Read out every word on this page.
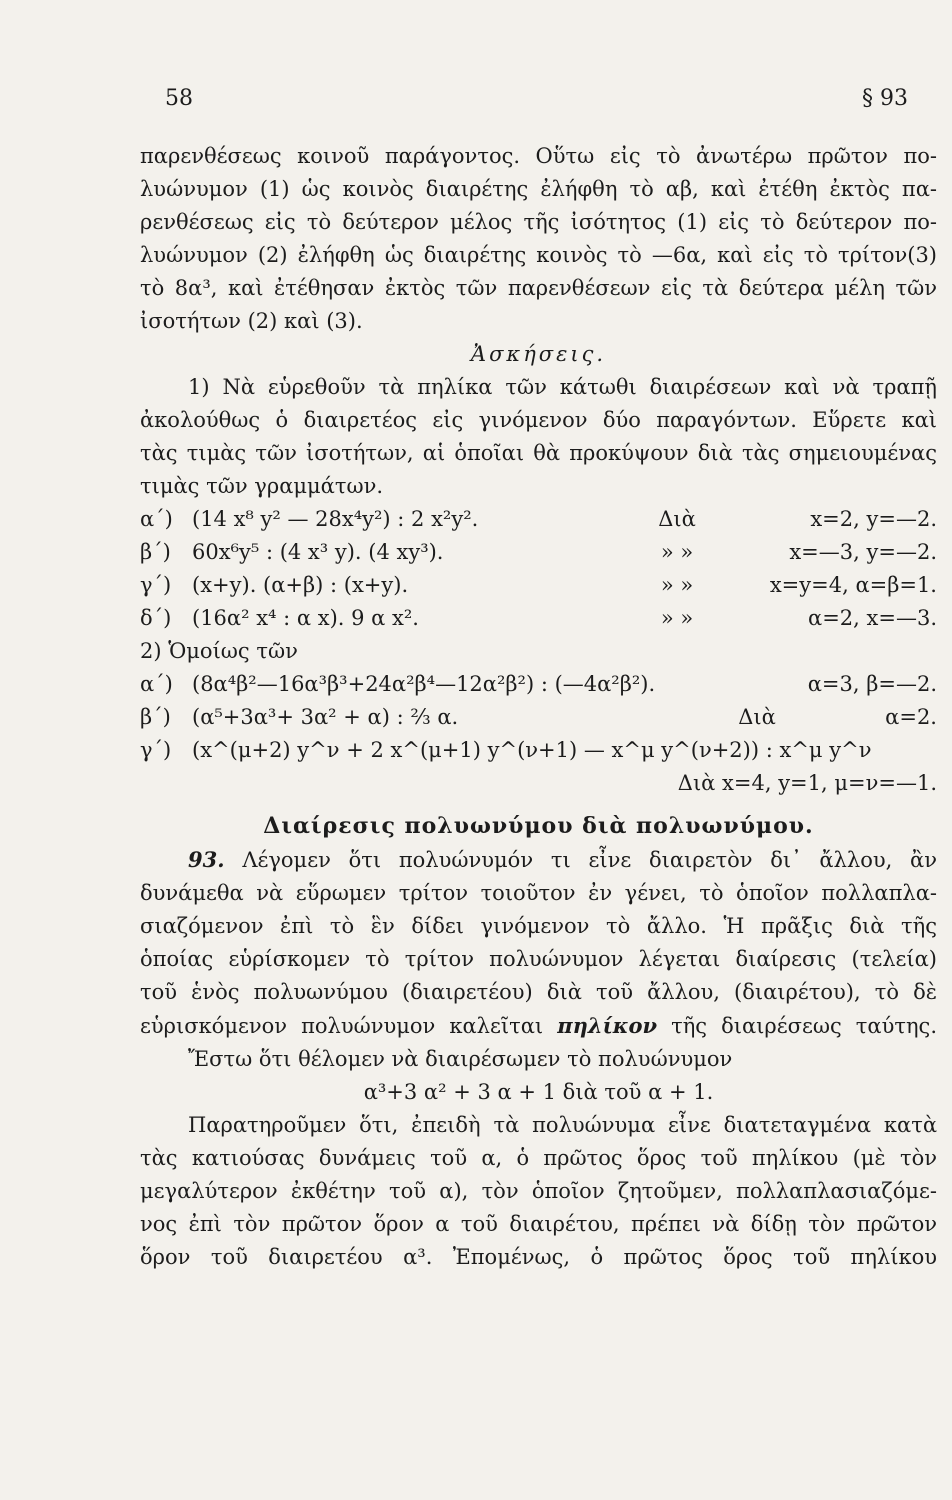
58	§ 93
παρενθέσεως κοινοῦ παράγοντος. Οὕτω εἰς τὸ ἀνωτέρω πρῶτον πο-
λυώνυμον (1) ὡς κοινὸς διαιρέτης ἐλήφθη τὸ αβ, καὶ ἐτέθη ἐκτὸς πα-
ρενθέσεως εἰς τὸ δεύτερον μέλος τῆς ἰσότητος (1) εἰς τὸ δεύτερον πο-
λυώνυμον (2) ἐλήφθη ὡς διαιρέτης κοινὸς τὸ —6α, καὶ εἰς τὸ τρίτον(3)
τὸ 8α³, καὶ ἐτέθησαν ἐκτὸς τῶν παρενθέσεων εἰς τὰ δεύτερα μέλη τῶν
ἰσοτήτων (2) καὶ (3).
Ἀσκήσεις.
1) Νὰ εὑρεθοῦν τὰ πηλίκα τῶν κάτωθι διαιρέσεων καὶ νὰ τραπῇ
ἀκολούθως ὁ διαιρετέος εἰς γινόμενον δύο παραγόντων. Εὕρετε καὶ
τὰς τιμὰς τῶν ἰσοτήτων, αἱ ὁποῖαι θὰ προκύψουν διὰ τὰς σημειουμένας
τιμὰς τῶν γραμμάτων.
α΄) (14 x⁸ y² — 28x⁴y²) : 2 x²y².	Διὰ	x=2, y=—2.
β΄)	60x⁶y⁵ : (4 x³ y). (4 xy³).	» »	x=—3, y=—2.
γ΄) (x+y). (α+β) : (x+y).	» »	x=y=4, α=β=1.
δ΄) (16α² x⁴ : α x). 9 α x².	» »	α=2, x=—3.
2) Ὁμοίως τῶν
α΄) (8α⁴β²—16α³β³+24α²β⁴—12α²β²) : (—4α²β²).	α=3, β=—2.
β΄)	(α⁵+3α³+ 3α² + α) : ²⁄₃ α.	Διὰ	α=2.
γ΄) (x^(μ+2) y^ν + 2 x^(μ+1) y^(ν+1) — x^μ y^(ν+2)) : x^μ y^ν
Διὰ x=4, y=1, μ=ν=—1.
Διαίρεσις πολυωνύμου διὰ πολυωνύμου.
93. Λέγομεν ὅτι πολυώνυμόν τι εἶνε διαιρετὸν δι᾽ ἄλλου, ἂν
δυνάμεθα νὰ εὕρωμεν τρίτον τοιοῦτον ἐν γένει, τὸ ὁποῖον πολλαπλα-
σιαζόμενον ἐπὶ τὸ ἓν δίδει γινόμενον τὸ ἄλλο. Ἡ πρᾶξις διὰ τῆς
ὁποίας εὑρίσκομεν τὸ τρίτον πολυώνυμον λέγεται διαίρεσις (τελεία)
τοῦ ἑνὸς πολυωνύμου (διαιρετέου) διὰ τοῦ ἄλλου, (διαιρέτου), τὸ δὲ
εὑρισκόμενον πολυώνυμον καλεῖται πηλίκον τῆς διαιρέσεως ταύτης.
Ἔστω ὅτι θέλομεν νὰ διαιρέσωμεν τὸ πολυώνυμον
α³+3 α² + 3 α + 1 διὰ τοῦ α + 1.
Παρατηροῦμεν ὅτι, ἐπειδὴ τὰ πολυώνυμα εἶνε διατεταγμένα κατὰ
τὰς κατιούσας δυνάμεις τοῦ α, ὁ πρῶτος ὅρος τοῦ πηλίκου (μὲ τὸν
μεγαλύτερον ἐκθέτην τοῦ α), τὸν ὁποῖον ζητοῦμεν, πολλαπλασιαζόμε-
νος ἐπὶ τὸν πρῶτον ὅρον α τοῦ διαιρέτου, πρέπει νὰ δίδῃ τὸν πρῶτον
ὅρον τοῦ διαιρετέου α³. Ἐπομένως, ὁ πρῶτος ὅρος τοῦ πηλίκου
